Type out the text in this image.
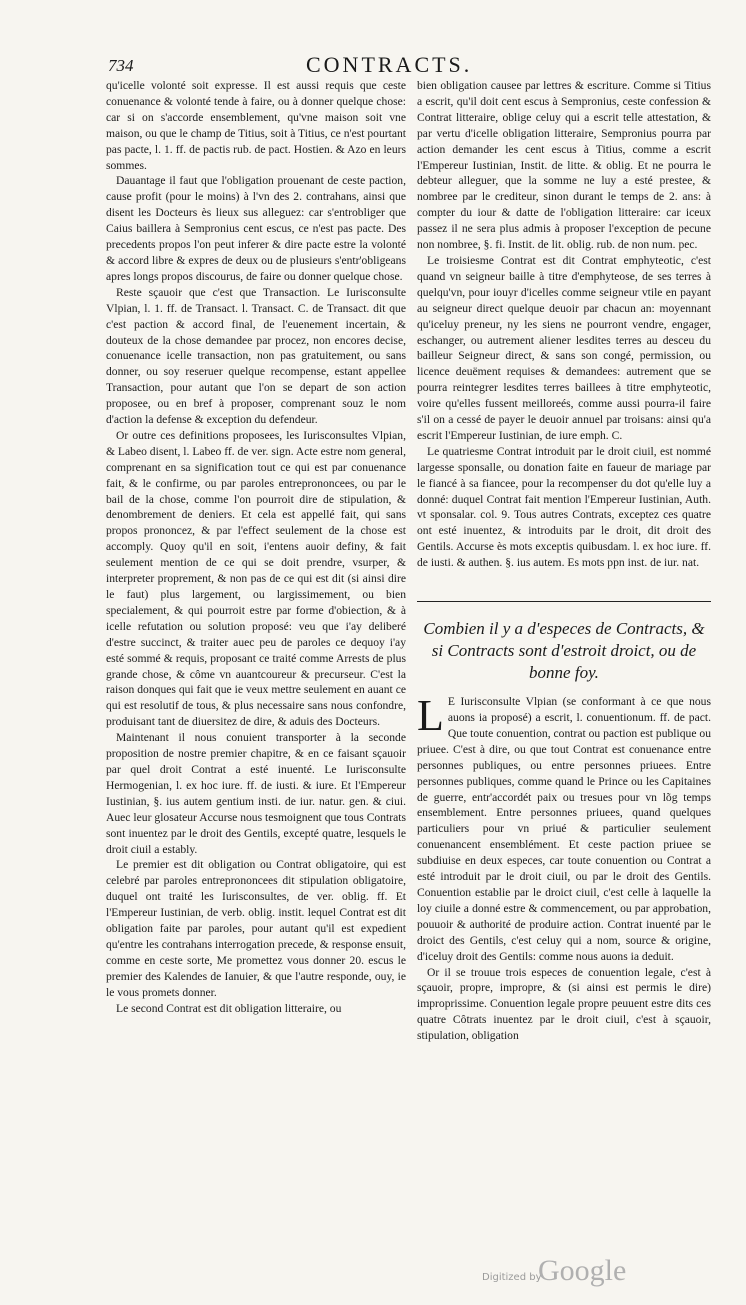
734	CONTRACTS.

qu'icelle volonté soit expresse. Il est aussi requis que ceste conuenance & volonté tende à faire, ou à donner quelque chose: car si on s'accorde ensemblement, qu'vne maison soit vne maison, ou que le champ de Titius, soit à Titius, ce n'est pourtant pas pacte, l. 1. ff. de pactis rub. de pact. Hostien. & Azo en leurs sommes.

Dauantage il faut que l'obligation prouenant de ceste paction, cause profit (pour le moins) à l'vn des 2. contrahans, ainsi que disent les Docteurs ès lieux sus alleguez: car s'entrobliger que Caius baillera à Sempronius cent escus, ce n'est pas pacte. Des precedents propos l'on peut inferer & dire pacte estre la volonté & accord libre & expres de deux ou de plusieurs s'entr'obligeans apres longs propos discourus, de faire ou donner quelque chose.

Reste sçauoir que c'est que Transaction. Le Iurisconsulte Vlpian, l. 1. ff. de Transact. l. Transact. C. de Transact. dit que c'est paction & accord final, de l'euenement incertain, & douteux de la chose demandee par procez, non encores decise, conuenance icelle transaction, non pas gratuitement, ou sans donner, ou soy reseruer quelque recompense, estant appellee Transaction, pour autant que l'on se depart de son action proposee, ou en bref à proposer, comprenant souz le nom d'action la defense & exception du defendeur.

Or outre ces definitions proposees, les Iurisconsultes Vlpian, & Labeo disent, l. Labeo ff. de ver. sign. Acte estre nom general, comprenant en sa signification tout ce qui est par conuenance fait, & le confirme, ou par paroles entreprononcees, ou par le bail de la chose, comme l'on pourroit dire de stipulation, & denombrement de deniers. Et cela est appellé fait, qui sans propos prononcez, & par l'effect seulement de la chose est accomply. Quoy qu'il en soit, i'entens auoir definy, & fait seulement mention de ce qui se doit prendre, vsurper, & interpreter proprement, & non pas de ce qui est dit (si ainsi dire le faut) plus largement, ou largissimement, ou bien specialement, & qui pourroit estre par forme d'obiection, & à icelle refutation ou solution proposé: veu que i'ay deliberé d'estre succinct, & traiter auec peu de paroles ce dequoy i'ay esté sommé & requis, proposant ce traité comme Arrests de plus grande chose, & côme vn auantcoureur & precurseur. C'est la raison donques qui fait que ie veux mettre seulement en auant ce qui est resolutif de tous, & plus necessaire sans nous confondre, produisant tant de diuersitez de dire, & aduis des Docteurs.

Maintenant il nous conuient transporter à la seconde proposition de nostre premier chapitre, & en ce faisant sçauoir par quel droit Contrat a esté inuenté. Le Iurisconsulte Hermogenian, l. ex hoc iure. ff. de iusti. & iure. Et l'Empereur Iustinian, §. ius autem gentium insti. de iur. natur. gen. & ciui. Auec leur glosateur Accurse nous tesmoignent que tous Contrats sont inuentez par le droit des Gentils, excepté quatre, lesquels le droit ciuil a estably.

Le premier est dit obligation ou Contrat obligatoire, qui est celebré par paroles entreprononcees dit stipulation obligatoire, duquel ont traité les Iurisconsultes, de ver. oblig. ff. Et l'Empereur Iustinian, de verb. oblig. instit. lequel Contrat est dit obligation faite par paroles, pour autant qu'il est expedient qu'entre les contrahans interrogation precede, & response ensuit, comme en ceste sorte, Me promettez vous donner 20. escus le premier des Kalendes de Ianuier, & que l'autre responde, ouy, ie le vous promets donner.

Le second Contrat est dit obligation litteraire, ou

bien obligation causee par lettres & escriture. Comme si Titius a escrit, qu'il doit cent escus à Sempronius, ceste confession & Contrat litteraire, oblige celuy qui a escrit telle attestation, & par vertu d'icelle obligation litteraire, Sempronius pourra par action demander les cent escus à Titius, comme a escrit l'Empereur Iustinian, Instit. de litte. & oblig. Et ne pourra le debteur alleguer, que la somme ne luy a esté prestee, & nombree par le crediteur, sinon durant le temps de 2. ans: à compter du iour & datte de l'obligation litteraire: car iceux passez il ne sera plus admis à proposer l'exception de pecune non nombree, §. fi. Instit. de lit. oblig. rub. de non num. pec.

Le troisiesme Contrat est dit Contrat emphyteotic, c'est quand vn seigneur baille à titre d'emphyteose, de ses terres à quelqu'vn, pour iouyr d'icelles comme seigneur vtile en payant au seigneur direct quelque deuoir par chacun an: moyennant qu'iceluy preneur, ny les siens ne pourront vendre, engager, eschanger, ou autrement aliener lesdites terres au desceu du bailleur Seigneur direct, & sans son congé, permission, ou licence deuëment requises & demandees: autrement que se pourra reintegrer lesdites terres baillees à titre emphyteotic, voire qu'elles fussent meilloreés, comme aussi pourra-il faire s'il on a cessé de payer le deuoir annuel par troisans: ainsi qu'a escrit l'Empereur Iustinian, de iure emph. C.

Le quatriesme Contrat introduit par le droit ciuil, est nommé largesse sponsalle, ou donation faite en faueur de mariage par le fiancé à sa fiancee, pour la recompenser du dot qu'elle luy a donné: duquel Contrat fait mention l'Empereur Iustinian, Auth. vt sponsalar. col. 9. Tous autres Contrats, exceptez ces quatre ont esté inuentez, & introduits par le droit, dit droit des Gentils. Accurse ès mots exceptis quibusdam. l. ex hoc iure. ff. de iusti. & authen. §. ius autem. Es mots ppn inst. de iur. nat.

Combien il y a d'especes de Contracts, & si Contracts sont d'estroit droict, ou de bonne foy.

L E Iurisconsulte Vlpian (se conformant à ce que nous auons ia proposé) a escrit, l. conuentionum. ff. de pact. Que toute conuention, contrat ou paction est publique ou priuee. C'est à dire, ou que tout Contrat est conuenance entre personnes publiques, ou entre personnes priuees. Entre personnes publiques, comme quand le Prince ou les Capitaines de guerre, entr'accordét paix ou tresues pour vn lõg temps ensemblement. Entre personnes priuees, quand quelques particuliers pour vn priué & particulier seulement conuenancent ensemblément. Et ceste paction priuee se subdiuise en deux especes, car toute conuention ou Contrat a esté introduit par le droit ciuil, ou par le droit des Gentils. Conuention establie par le droict ciuil, c'est celle à laquelle la loy ciuile a donné estre & commencement, ou par approbation, pouuoir & authorité de produire action. Contrat inuenté par le droict des Gentils, c'est celuy qui a nom, source & origine, d'iceluy droit des Gentils: comme nous auons ia deduit.

Or il se trouue trois especes de conuention legale, c'est à sçauoir, propre, impropre, & (si ainsi est permis le dire) improprissime. Conuention legale propre peuuent estre dits ces quatre Côtrats inuentez par le droit ciuil, c'est à sçauoir, stipulation, obligation

Digitized by
Google
